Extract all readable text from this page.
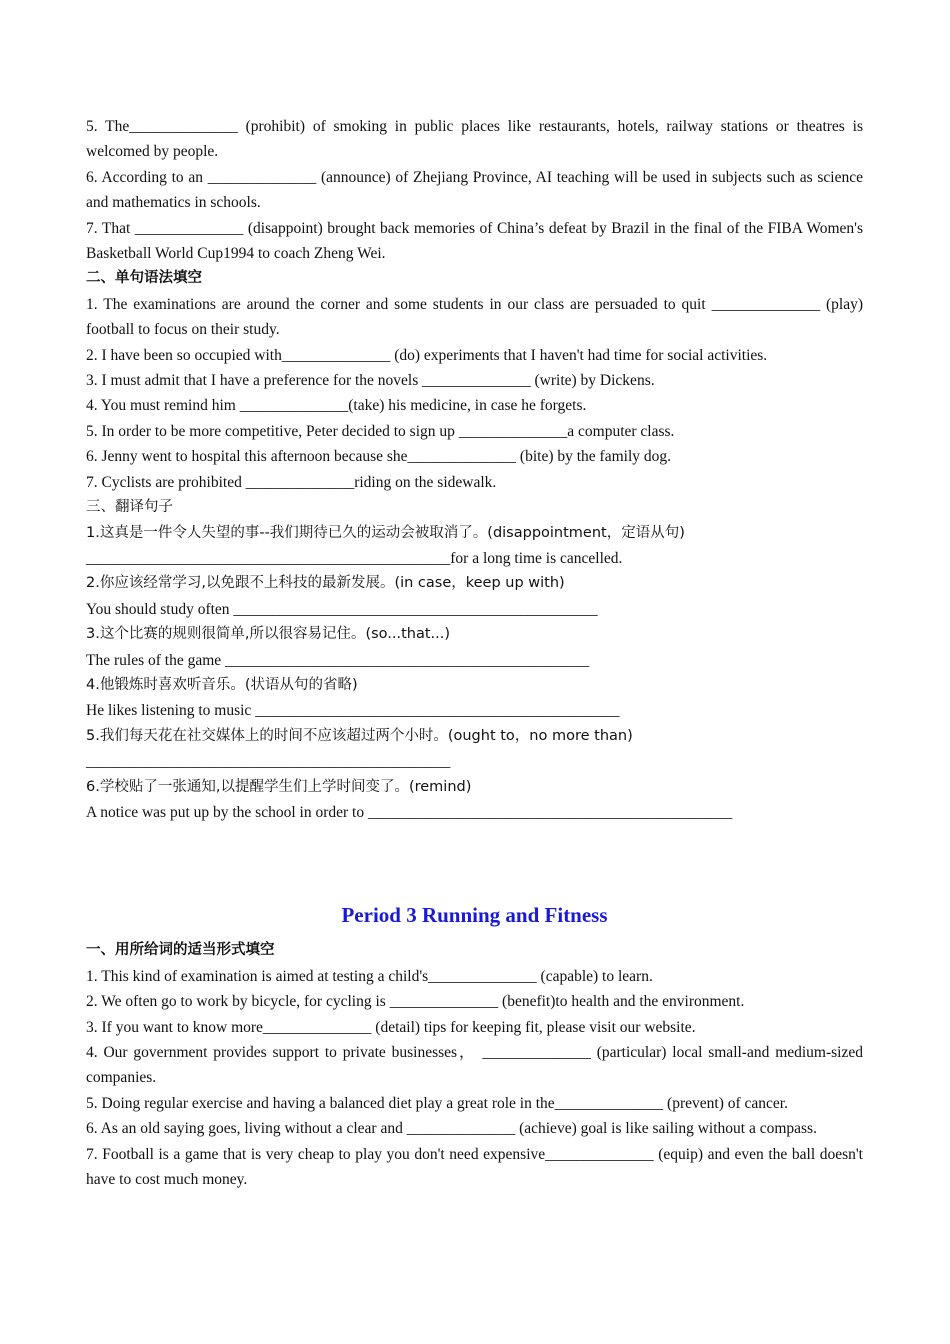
5. The______________ (prohibit) of smoking in public places like restaurants, hotels, railway stations or theatres is welcomed by people.

6. According to an ______________ (announce) of Zhejiang Province, AI teaching will be used in subjects such as science and mathematics in schools.

7. That ______________ (disappoint) brought back memories of China’s defeat by Brazil in the final of the FIBA Women's Basketball World Cup1994 to coach Zheng Wei.

二、单句语法填空

1. The examinations are around the corner and some students in our class are persuaded to quit ______________ (play) football to focus on their study.

2. I have been so occupied with______________ (do) experiments that I haven't had time for social activities.

3. I must admit that I have a preference for the novels ______________ (write) by Dickens.

4. You must remind him ______________(take) his medicine, in case he forgets.

5. In order to be more competitive, Peter decided to sign up ______________a computer class.

6. Jenny went to hospital this afternoon because she______________ (bite) by the family dog.

7. Cyclists are prohibited ______________riding on the sidewalk.

三、翻译句子

1.这真是一件令人失望的事--我们期待已久的运动会被取消了。(disappointment，定语从句)

_______________________________________________for a long time is cancelled.

2.你应该经常学习,以免跟不上科技的最新发展。(in case，keep up with)

You should study often _______________________________________________

3.这个比赛的规则很简单,所以很容易记住。(so...that...)

The rules of the game _______________________________________________

4.他锻炼时喜欢听音乐。(状语从句的省略)

He likes listening to music _______________________________________________

5.我们每天花在社交媒体上的时间不应该超过两个小时。(ought to，no more than)

_______________________________________________

6.学校贴了一张通知,以提醒学生们上学时间变了。(remind)

A notice was put up by the school in order to _______________________________________________

Period 3 Running and Fitness

一、用所给词的适当形式填空

1. This kind of examination is aimed at testing a child's______________ (capable) to learn.

2. We often go to work by bicycle, for cycling is ______________ (benefit)to health and the environment.

3. If you want to know more______________ (detail) tips for keeping fit, please visit our website.

4. Our government provides support to private businesses， ______________ (particular) local small-and medium-sized companies.

5. Doing regular exercise and having a balanced diet play a great role in the______________ (prevent) of cancer.

6. As an old saying goes, living without a clear and ______________ (achieve) goal is like sailing without a compass.

7. Football is a game that is very cheap to play you don't need expensive______________ (equip) and even the ball doesn't have to cost much money.
